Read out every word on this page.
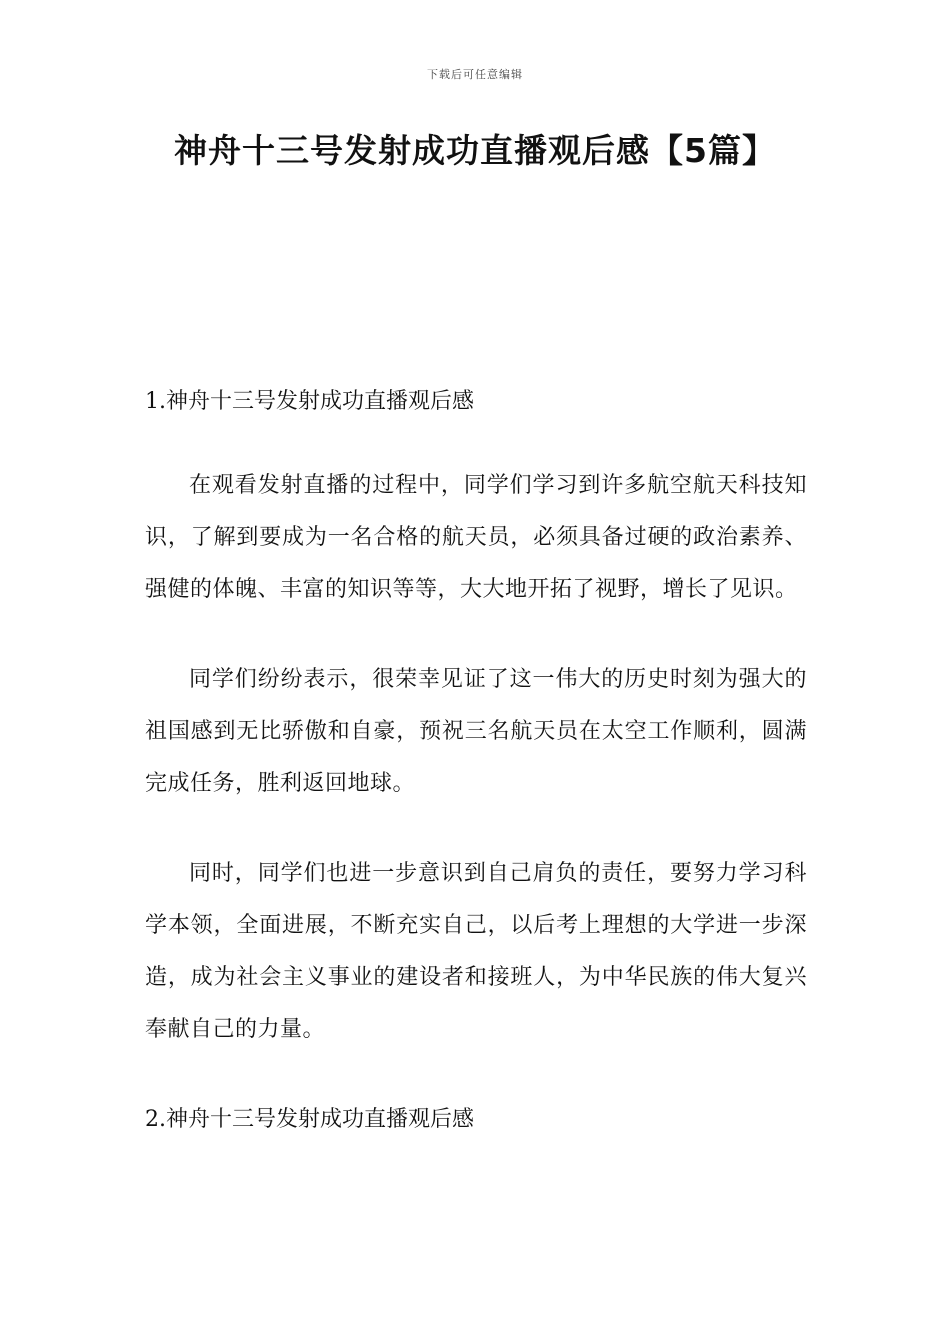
下载后可任意编辑
神舟十三号发射成功直播观后感【5篇】

1.神舟十三号发射成功直播观后感

在观看发射直播的过程中，同学们学习到许多航空航天科技知识，了解到要成为一名合格的航天员，必须具备过硬的政治素养、强健的体魄、丰富的知识等等，大大地开拓了视野，增长了见识。

同学们纷纷表示，很荣幸见证了这一伟大的历史时刻为强大的祖国感到无比骄傲和自豪，预祝三名航天员在太空工作顺利，圆满完成任务，胜利返回地球。

同时，同学们也进一步意识到自己肩负的责任，要努力学习科学本领，全面进展，不断充实自己，以后考上理想的大学进一步深造，成为社会主义事业的建设者和接班人，为中华民族的伟大复兴奉献自己的力量。

2.神舟十三号发射成功直播观后感
